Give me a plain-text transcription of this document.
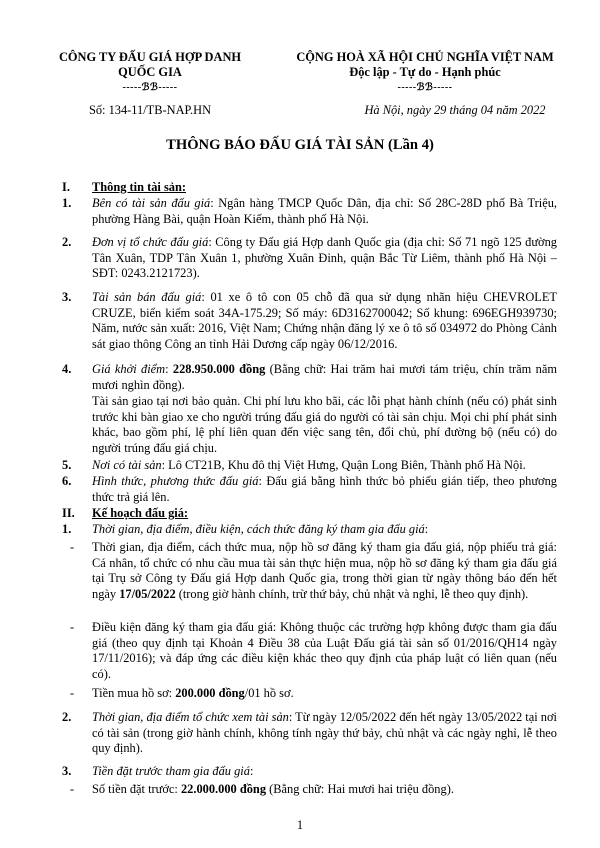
CÔNG TY ĐẤU GIÁ HỢP DANH
QUỐC GIA
-----ℬℬ-----
CỘNG HOÀ XÃ HỘI CHỦ NGHĨA VIỆT NAM
Độc lập - Tự do - Hạnh phúc
-----ℬℬ-----
Số: 134-11/TB-NAP.HN	Hà Nội, ngày 29 tháng 04 năm 2022
THÔNG BÁO ĐẤU GIÁ TÀI SẢN (Lần 4)
I.	Thông tin tài sản:
1.	Bên có tài sản đấu giá: Ngân hàng TMCP Quốc Dân, địa chỉ: Số 28C-28D phố Bà Triệu, phường Hàng Bài, quận Hoàn Kiếm, thành phố Hà Nội.
2.	Đơn vị tổ chức đấu giá: Công ty Đấu giá Hợp danh Quốc gia (địa chỉ: Số 71 ngõ 125 đường Tân Xuân, TDP Tân Xuân 1, phường Xuân Đỉnh, quận Bắc Từ Liêm, thành phố Hà Nội – SĐT: 0243.2121723).
3.	Tài sản bán đấu giá: 01 xe ô tô con 05 chỗ đã qua sử dụng nhãn hiệu CHEVROLET CRUZE, biển kiểm soát 34A-175.29; Số máy: 6D3162700042; Số khung: 696EGH939730; Năm, nước sản xuất: 2016, Việt Nam; Chứng nhận đăng lý xe ô tô số 034972 do Phòng Cảnh sát giao thông Công an tỉnh Hải Dương cấp ngày 06/12/2016.
4.	Giá khởi điểm: 228.950.000 đồng (Bằng chữ: Hai trăm hai mươi tám triệu, chín trăm năm mươi nghìn đồng).
Tài sản giao tại nơi bảo quản. Chi phí lưu kho bãi, các lỗi phạt hành chính (nếu có) phát sinh trước khi bàn giao xe cho người trúng đấu giá do người có tài sản chịu. Mọi chi phí phát sinh khác, bao gồm phí, lệ phí liên quan đến việc sang tên, đổi chủ, phí đường bộ (nếu có) do người trúng đấu giá chịu.
5.	Nơi có tài sản: Lô CT21B, Khu đô thị Việt Hưng, Quận Long Biên, Thành phố Hà Nội.
6.	Hình thức, phương thức đấu giá: Đấu giá bằng hình thức bỏ phiếu gián tiếp, theo phương thức trả giá lên.
II. Kế hoạch đấu giá:
1.	Thời gian, địa điểm, điều kiện, cách thức đăng ký tham gia đấu giá:
-	Thời gian, địa điểm, cách thức mua, nộp hồ sơ đăng ký tham gia đấu giá, nộp phiếu trả giá: Cá nhân, tổ chức có nhu cầu mua tài sản thực hiện mua, nộp hồ sơ đăng ký tham gia đấu giá tại Trụ sở Công ty Đấu giá Hợp danh Quốc gia, trong thời gian từ ngày thông báo đến hết ngày 17/05/2022 (trong giờ hành chính, trừ thứ bảy, chủ nhật và nghỉ, lễ theo quy định).
-	Điều kiện đăng ký tham gia đấu giá: Không thuộc các trường hợp không được tham gia đấu giá (theo quy định tại Khoản 4 Điều 38 của Luật Đấu giá tài sản số 01/2016/QH14 ngày 17/11/2016); và đáp ứng các điều kiện khác theo quy định của pháp luật có liên quan (nếu có).
-	Tiền mua hồ sơ: 200.000 đồng/01 hồ sơ.
2.	Thời gian, địa điểm tổ chức xem tài sản: Từ ngày 12/05/2022 đến hết ngày 13/05/2022 tại nơi có tài sản (trong giờ hành chính, không tính ngày thứ bảy, chủ nhật và các ngày nghỉ, lễ theo quy định).
3.	Tiền đặt trước tham gia đấu giá:
-	Số tiền đặt trước: 22.000.000 đồng (Bằng chữ: Hai mươi hai triệu đồng).
1
